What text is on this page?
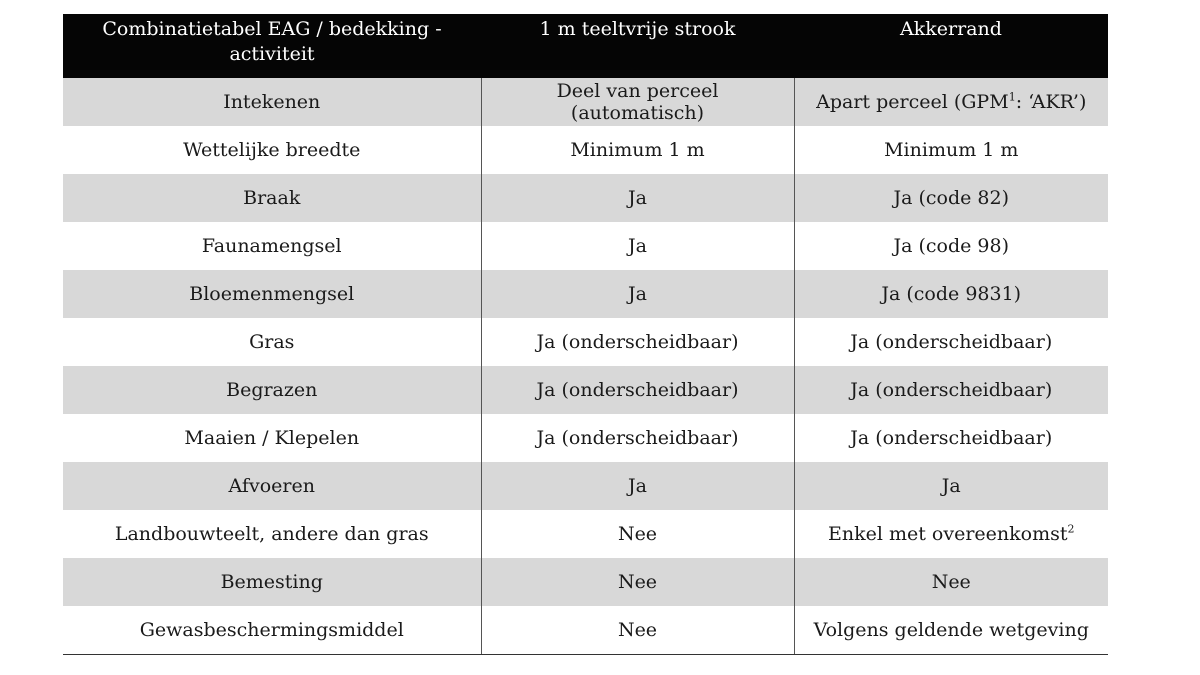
Combinatietabel EAG / bedekking - activiteit	1 m teeltvrije strook	Akkerrand
Intekenen	Deel van perceel (automatisch)	Apart perceel (GPM$^1$: ‘AKR’)
Wettelijke breedte	Minimum 1 m	Minimum 1 m
Braak	Ja	Ja (code 82)
Faunamengsel	Ja	Ja (code 98)
Bloemenmengsel	Ja	Ja (code 9831)
Gras	Ja (onderscheidbaar)	Ja (onderscheidbaar)
Begrazen	Ja (onderscheidbaar)	Ja (onderscheidbaar)
Maaien / Klepelen	Ja (onderscheidbaar)	Ja (onderscheidbaar)
Afvoeren	Ja	Ja
Landbouwteelt, andere dan gras	Nee	Enkel met overeenkomst$^2$
Bemesting	Nee	Nee
Gewasbeschermingsmiddel	Nee	Volgens geldende wetgeving
